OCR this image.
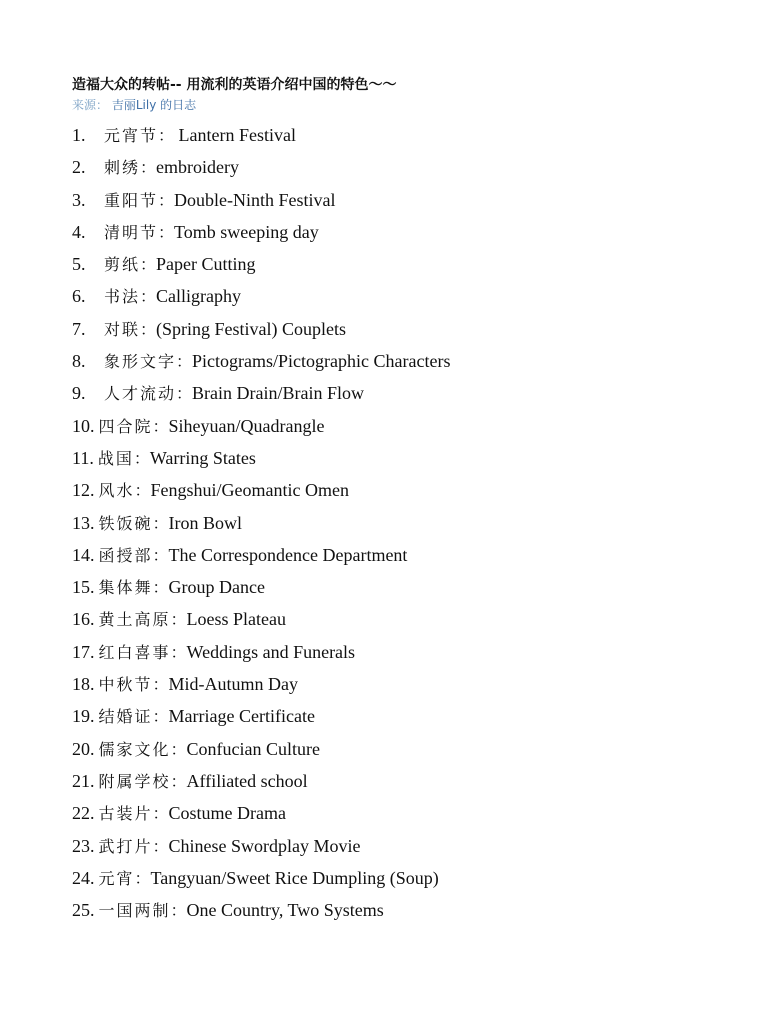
造福大众的转帖-- 用流利的英语介绍中国的特色～～
来源： 吉丽Lily 的日志
1. 元宵节： Lantern Festival
2. 刺绣：embroidery
3. 重阳节：Double-Ninth Festival
4. 清明节：Tomb sweeping day
5. 剪纸：Paper Cutting
6. 书法：Calligraphy
7. 对联：(Spring Festival) Couplets
8. 象形文字：Pictograms/Pictographic Characters
9. 人才流动：Brain Drain/Brain Flow
10. 四合院：Siheyuan/Quadrangle
11. 战国：Warring States
12. 风水：Fengshui/Geomantic Omen
13. 铁饭碗：Iron Bowl
14. 函授部：The Correspondence Department
15. 集体舞：Group Dance
16. 黄土高原：Loess Plateau
17. 红白喜事：Weddings and Funerals
18. 中秋节：Mid-Autumn Day
19. 结婚证：Marriage Certificate
20. 儒家文化：Confucian Culture
21. 附属学校：Affiliated school
22. 古装片：Costume Drama
23. 武打片：Chinese Swordplay Movie
24. 元宵：Tangyuan/Sweet Rice Dumpling (Soup)
25. 一国两制：One Country, Two Systems
